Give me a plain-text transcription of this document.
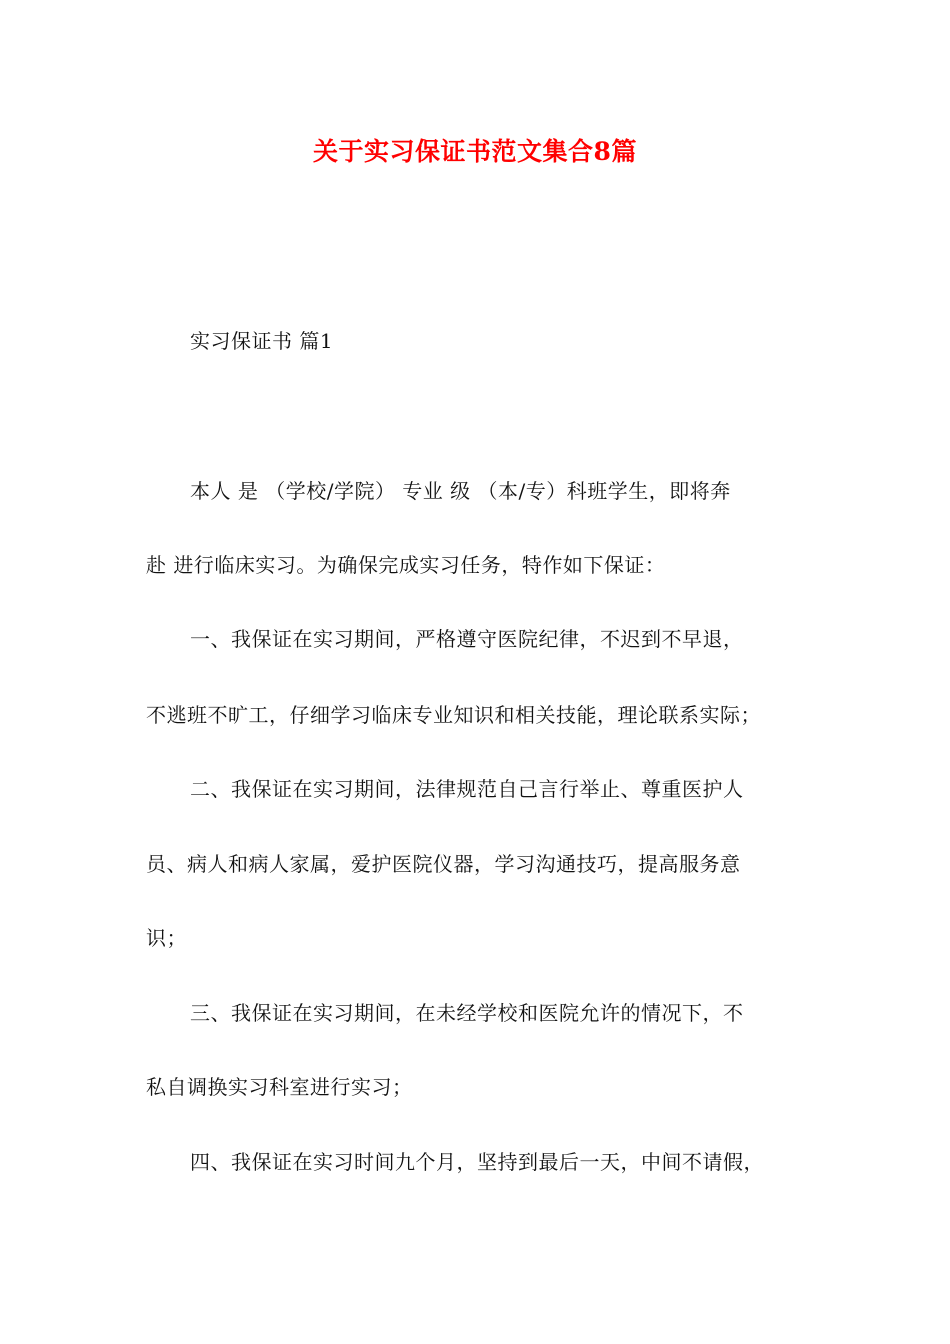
关于实习保证书范文集合8篇
实习保证书 篇1
本人 是 （学校/学院） 专业 级 （本/专）科班学生，即将奔
赴 进行临床实习。为确保完成实习任务，特作如下保证：
一、我保证在实习期间，严格遵守医院纪律，不迟到不早退，
不逃班不旷工，仔细学习临床专业知识和相关技能，理论联系实际；
二、我保证在实习期间，法律规范自己言行举止、尊重医护人
员、病人和病人家属，爱护医院仪器，学习沟通技巧，提高服务意
识；
三、我保证在实习期间，在未经学校和医院允许的情况下，不
私自调换实习科室进行实习；
四、我保证在实习时间九个月，坚持到最后一天，中间不请假，
